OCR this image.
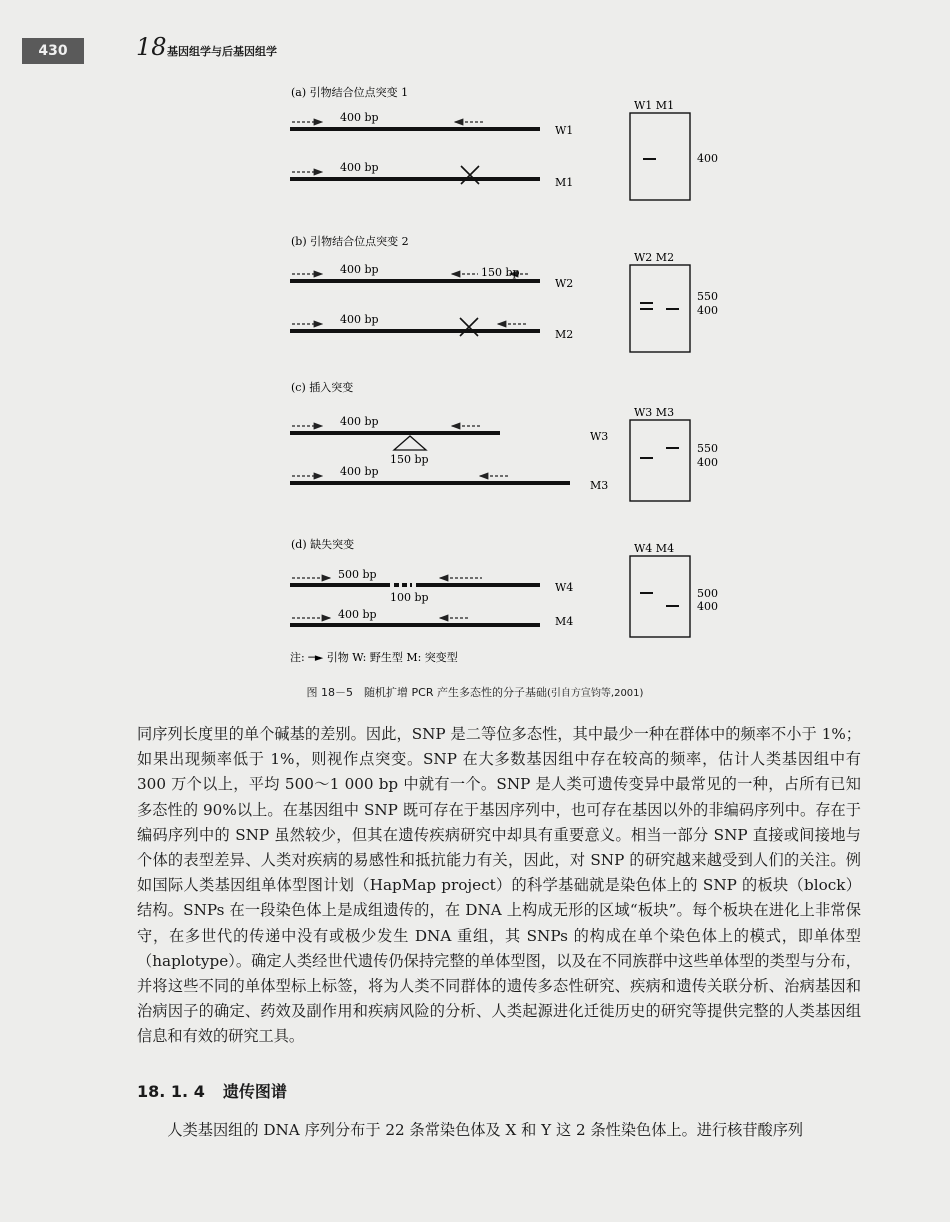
430	18 基因组学与后基因组学
(a) 引物结合位点突变 1
400 bp
W1
400 bp
M1
W1 M1
400
(b) 引物结合位点突变 2
400 bp	150 bp
W2
400 bp
M2
W2 M2
550
400
(c) 插入突变
400 bp
150 bp
W3
400 bp
M3
W3 M3
550
400
(d) 缺失突变
500 bp
100 bp
W4
400 bp
M4
W4 M4
500
400
注: ─► 引物 W: 野生型 M: 突变型
图 18－5　随机扩增 PCR 产生多态性的分子基础(引自方宣钧等,2001)

同序列长度里的单个碱基的差别。因此，SNP 是二等位多态性，其中最少一种在群体中的频率不小于 1%；如果出现频率低于 1%，则视作点突变。SNP 在大多数基因组中存在较高的频率，估计人类基因组中有 300 万个以上，平均 500～1 000 bp 中就有一个。SNP 是人类可遗传变异中最常见的一种，占所有已知多态性的 90%以上。在基因组中 SNP 既可存在于基因序列中，也可存在基因以外的非编码序列中。存在于编码序列中的 SNP 虽然较少，但其在遗传疾病研究中却具有重要意义。相当一部分 SNP 直接或间接地与个体的表型差异、人类对疾病的易感性和抵抗能力有关，因此，对 SNP 的研究越来越受到人们的关注。例如国际人类基因组单体型图计划（HapMap project）的科学基础就是染色体上的 SNP 的板块（block）结构。SNPs 在一段染色体上是成组遗传的，在 DNA 上构成无形的区域“板块”。每个板块在进化上非常保守，在多世代的传递中没有或极少发生 DNA 重组，其 SNPs 的构成在单个染色体上的模式，即单体型（haplotype）。确定人类经世代遗传仍保持完整的单体型图，以及在不同族群中这些单体型的类型与分布，并将这些不同的单体型标上标签，将为人类不同群体的遗传多态性研究、疾病和遗传关联分析、治病基因和治病因子的确定、药效及副作用和疾病风险的分析、人类起源进化迁徙历史的研究等提供完整的人类基因组信息和有效的研究工具。

18. 1. 4 遗传图谱
人类基因组的 DNA 序列分布于 22 条常染色体及 X 和 Y 这 2 条性染色体上。进行核苷酸序列
